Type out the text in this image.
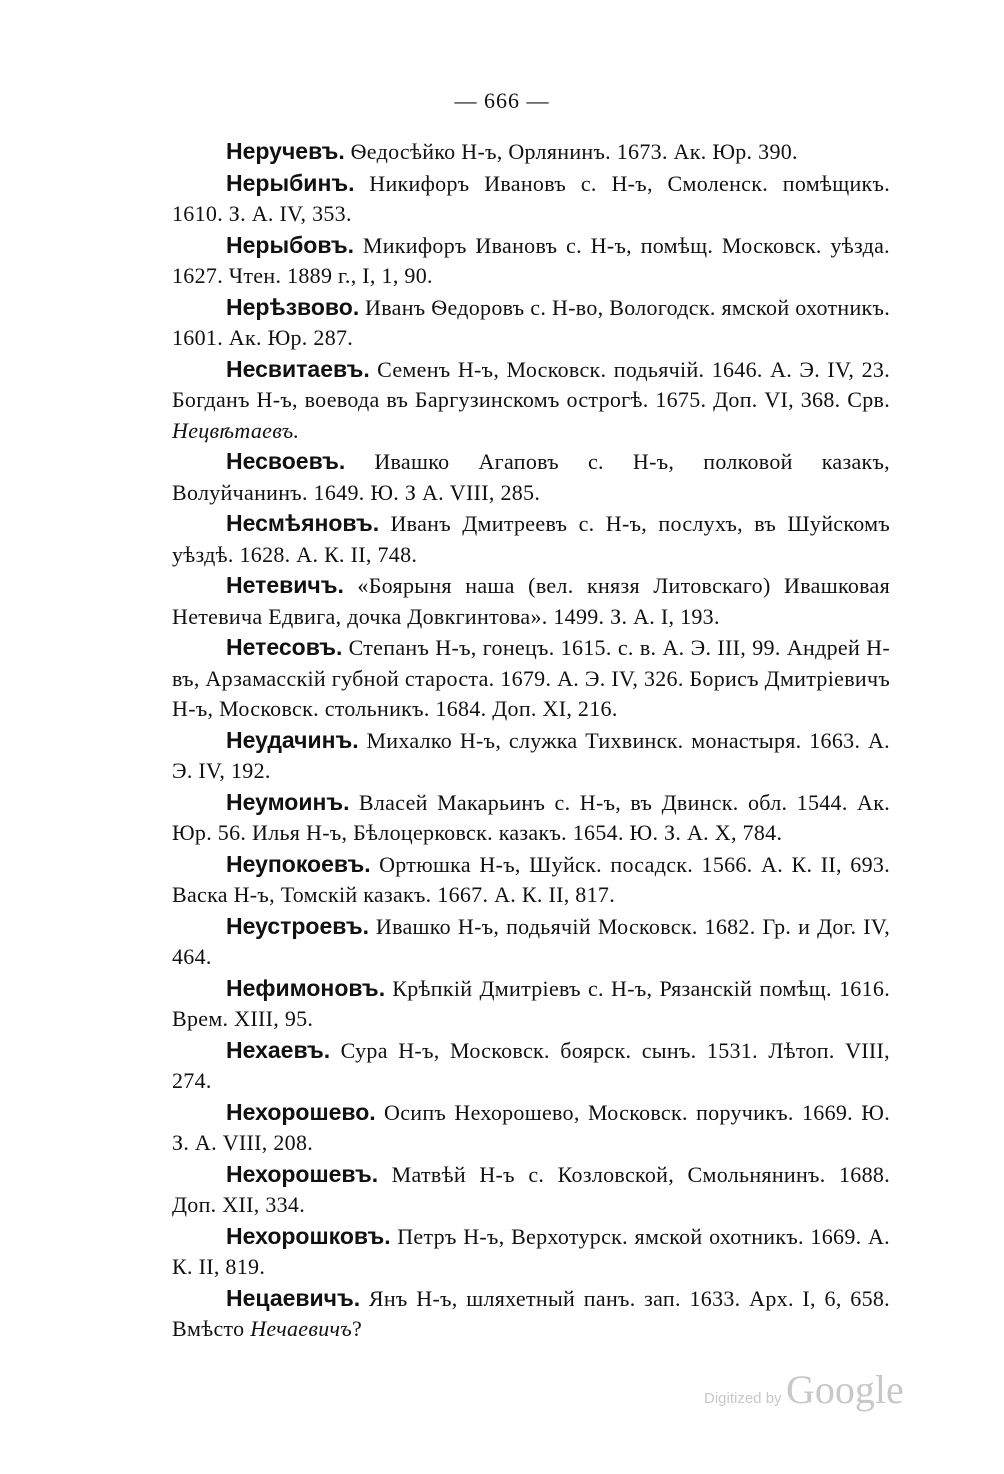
— 666 —
Неручевъ. Ѳедосѣйко Н-ъ, Орлянинъ. 1673. Ак. Юр. 390.
Нерыбинъ. Никифоръ Ивановъ с. Н-ъ, Смоленск. помѣщикъ. 1610. З. А. IV, 353.
Нерыбовъ. Микифоръ Ивановъ с. Н-ъ, помѣщ. Московск. уѣзда. 1627. Чтен. 1889 г., I, 1, 90.
Нерѣзвово. Иванъ Ѳедоровъ с. Н-во, Вологодск. ямской охотникъ. 1601. Ак. Юр. 287.
Несвитаевъ. Семенъ Н-ъ, Московск. подьячій. 1646. А. Э. IV, 23. Богданъ Н-ъ, воевода въ Баргузинскомъ острогѣ. 1675. Доп. VI, 368. Срв. Нецвѣтаевъ.
Несвоевъ. Ивашко Агаповъ с. Н-ъ, полковой казакъ, Волуйчанинъ. 1649. Ю. З А. VIII, 285.
Несмѣяновъ. Иванъ Дмитреевъ с. Н-ъ, послухъ, въ Шуйскомъ уѣздѣ. 1628. А. К. II, 748.
Нетевичъ. «Боярыня наша (вел. князя Литовскаго) Ивашковая Нетевича Едвига, дочка Довкгинтова». 1499. З. А. I, 193.
Нетесовъ. Степанъ Н-ъ, гонецъ. 1615. с. в. А. Э. III, 99. Андрей Н-въ, Арзамасскій губной староста. 1679. А. Э. IV, 326. Борисъ Дмитріевичъ Н-ъ, Московск. стольникъ. 1684. Доп. XI, 216.
Неудачинъ. Михалко Н-ъ, служка Тихвинск. монастыря. 1663. А. Э. IV, 192.
Неумоинъ. Власей Макарьинъ с. Н-ъ, въ Двинск. обл. 1544. Ак. Юр. 56. Илья Н-ъ, Бѣлоцерковск. казакъ. 1654. Ю. З. А. X, 784.
Неупокоевъ. Ортюшка Н-ъ, Шуйск. посадск. 1566. А. К. II, 693. Васка Н-ъ, Томскій казакъ. 1667. А. К. II, 817.
Неустроевъ. Ивашко Н-ъ, подьячій Московск. 1682. Гр. и Дог. IV, 464.
Нефимоновъ. Крѣпкій Дмитріевъ с. Н-ъ, Рязанскій помѣщ. 1616. Врем. XIII, 95.
Нехаевъ. Сура Н-ъ, Московск. боярск. сынъ. 1531. Лѣтоп. VIII, 274.
Нехорошево. Осипъ Нехорошево, Московск. поручикъ. 1669. Ю. З. А. VIII, 208.
Нехорошевъ. Матвѣй Н-ъ с. Козловской, Смольнянинъ. 1688. Доп. XII, 334.
Нехорошковъ. Петръ Н-ъ, Верхотурск. ямской охотникъ. 1669. А. К. II, 819.
Нецаевичъ. Янъ Н-ъ, шляхетный панъ. зап. 1633. Арх. I, 6, 658. Вмѣсто Нечаевичъ?
Digitized by Google
